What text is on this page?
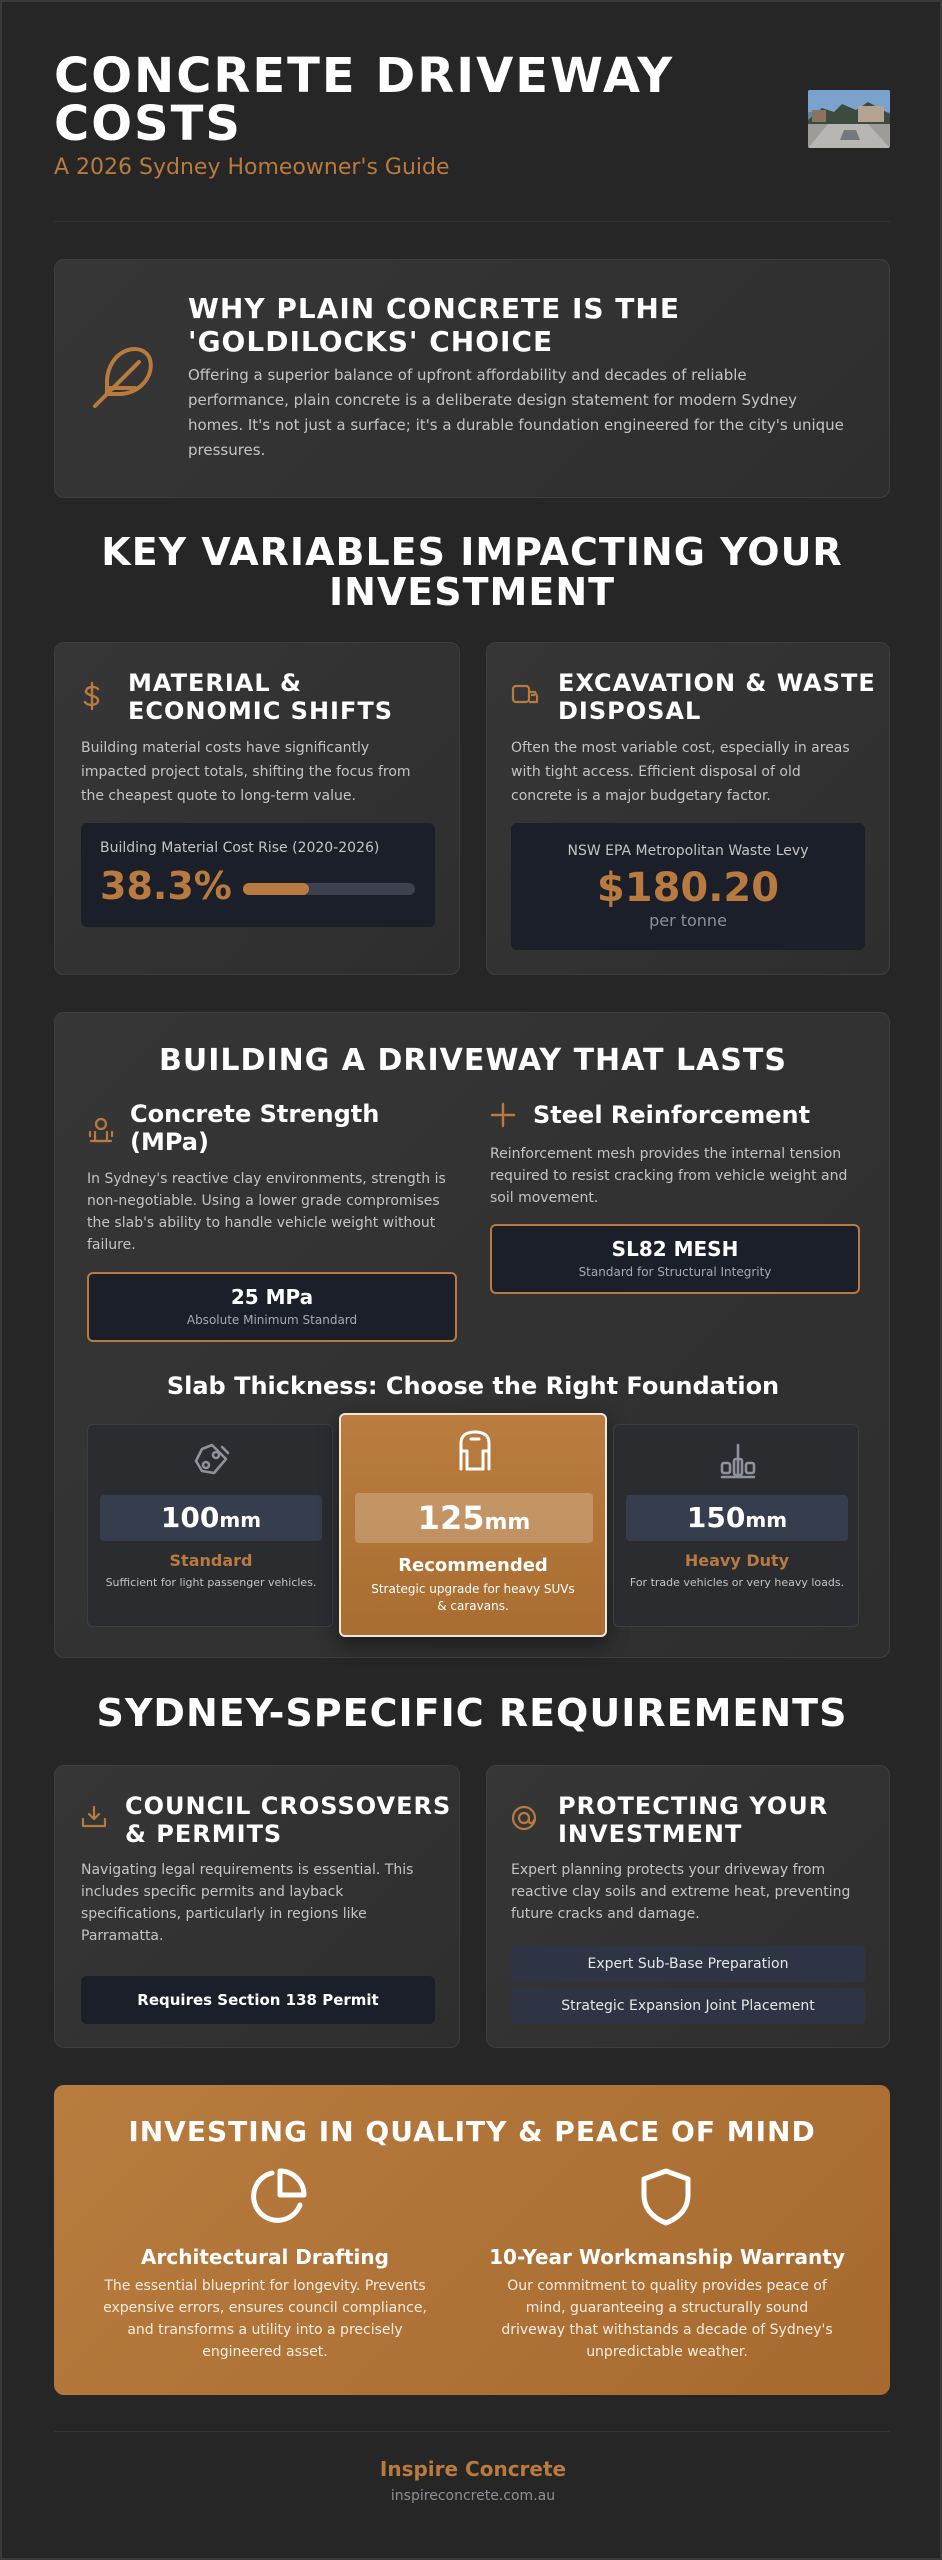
CONCRETE DRIVEWAY
COSTS
A 2026 Sydney Homeowner's Guide
WHY PLAIN CONCRETE IS THE
'GOLDILOCKS' CHOICE
Offering a superior balance of upfront affordability and decades of reliable performance, plain concrete is a deliberate design statement for modern Sydney homes. It's not just a surface; it's a durable foundation engineered for the city's unique pressures.
KEY VARIABLES IMPACTING YOUR
INVESTMENT
MATERIAL &
ECONOMIC SHIFTS
Building material costs have significantly impacted project totals, shifting the focus from the cheapest quote to long-term value.
Building Material Cost Rise (2020-2026)
38.3%
EXCAVATION & WASTE
DISPOSAL
Often the most variable cost, especially in areas with tight access. Efficient disposal of old concrete is a major budgetary factor.
NSW EPA Metropolitan Waste Levy
$180.20
per tonne
BUILDING A DRIVEWAY THAT LASTS
Concrete Strength
(MPa)
In Sydney's reactive clay environments, strength is non-negotiable. Using a lower grade compromises the slab's ability to handle vehicle weight without failure.
25 MPa
Absolute Minimum Standard
Steel Reinforcement
Reinforcement mesh provides the internal tension required to resist cracking from vehicle weight and soil movement.
SL82 MESH
Standard for Structural Integrity
Slab Thickness: Choose the Right Foundation
100mm
Standard
Sufficient for light passenger vehicles.
125mm
Recommended
Strategic upgrade for heavy SUVs & caravans.
150mm
Heavy Duty
For trade vehicles or very heavy loads.
SYDNEY-SPECIFIC REQUIREMENTS
COUNCIL CROSSOVERS
& PERMITS
Navigating legal requirements is essential. This includes specific permits and layback specifications, particularly in regions like Parramatta.
Requires Section 138 Permit
PROTECTING YOUR
INVESTMENT
Expert planning protects your driveway from reactive clay soils and extreme heat, preventing future cracks and damage.
Expert Sub-Base Preparation
Strategic Expansion Joint Placement
INVESTING IN QUALITY & PEACE OF MIND
Architectural Drafting
The essential blueprint for longevity. Prevents expensive errors, ensures council compliance, and transforms a utility into a precisely engineered asset.
10-Year Workmanship Warranty
Our commitment to quality provides peace of mind, guaranteeing a structurally sound driveway that withstands a decade of Sydney's unpredictable weather.
Inspire Concrete
inspireconcrete.com.au
